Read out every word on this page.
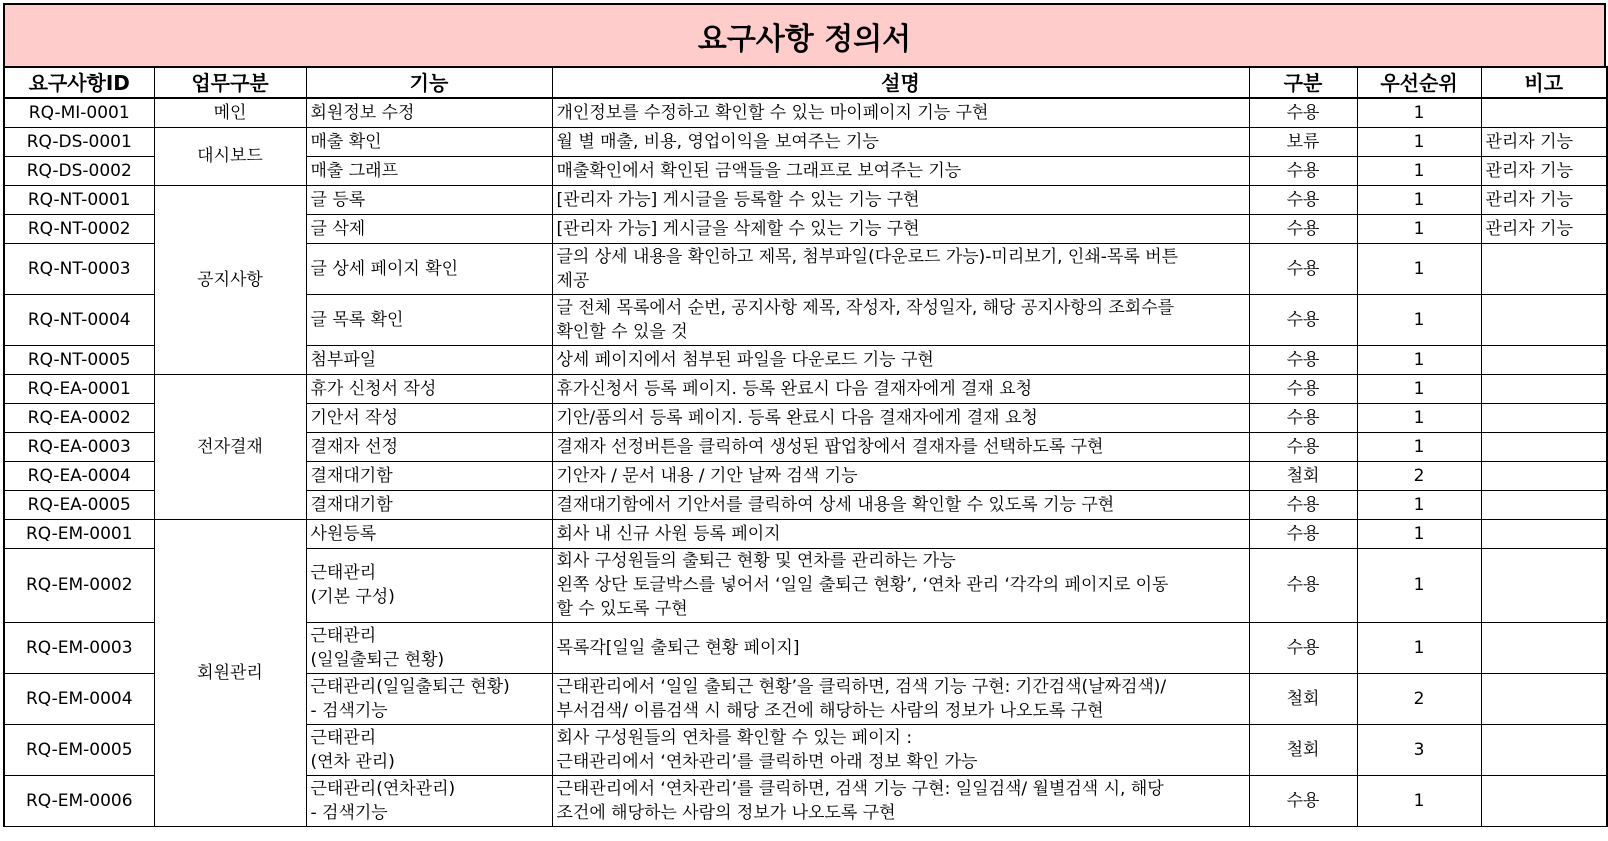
요구사항 정의서
요구사항ID	업무구분	기능	설명	구분	우선순위	비고
RQ-MI-0001	메인	회원정보 수정	개인정보를 수정하고 확인할 수 있는 마이페이지 기능 구현	수용	1	
RQ-DS-0001	대시보드	매출 확인	월 별 매출, 비용, 영업이익을 보여주는 기능	보류	1	관리자 기능
RQ-DS-0002		매출 그래프	매출확인에서 확인된 금액들을 그래프로 보여주는 기능	수용	1	관리자 기능
RQ-NT-0001	공지사항	글 등록	[관리자 가능] 게시글을 등록할 수 있는 기능 구현	수용	1	관리자 기능
RQ-NT-0002		글 삭제	[관리자 가능] 게시글을 삭제할 수 있는 기능 구현	수용	1	관리자 기능
RQ-NT-0003		글 상세 페이지 확인	글의 상세 내용을 확인하고 제목, 첨부파일(다운로드 가능)-미리보기, 인쇄-목록 버튼
제공	수용	1	
RQ-NT-0004		글 목록 확인	글 전체 목록에서 순번, 공지사항 제목, 작성자, 작성일자, 해당 공지사항의 조회수를
확인할 수 있을 것	수용	1	
RQ-NT-0005		첨부파일	상세 페이지에서 첨부된 파일을 다운로드 기능 구현	수용	1	
RQ-EA-0001	전자결재	휴가 신청서 작성	휴가신청서 등록 페이지. 등록 완료시 다음 결재자에게 결재 요청	수용	1	
RQ-EA-0002		기안서 작성	기안/품의서 등록 페이지. 등록 완료시 다음 결재자에게 결재 요청	수용	1	
RQ-EA-0003		결재자 선정	결재자 선정버튼을 클릭하여 생성된 팝업창에서 결재자를 선택하도록 구현	수용	1	
RQ-EA-0004		결재대기함	기안자 / 문서 내용 / 기안 날짜 검색 기능	철회	2	
RQ-EA-0005		결재대기함	결재대기함에서 기안서를 클릭하여 상세 내용을 확인할 수 있도록 기능 구현	수용	1	
RQ-EM-0001	회원관리	사원등록	회사 내 신규 사원 등록 페이지	수용	1	
RQ-EM-0002		근태관리
(기본 구성)	회사 구성원들의 출퇴근 현황 및 연차를 관리하는 가능
왼쪽 상단 토글박스를 넣어서 ‘일일 출퇴근 현황’, ‘연차 관리 ‘각각의 페이지로 이동
할 수 있도록 구현	수용	1	
RQ-EM-0003		근태관리
(일일출퇴근 현황)	목록각[일일 출퇴근 현황 페이지]	수용	1	
RQ-EM-0004		근태관리(일일출퇴근 현황)
- 검색기능	근태관리에서 ‘일일 출퇴근 현황’을 클릭하면, 검색 기능 구현: 기간검색(날짜검색)/
부서검색/ 이름검색 시 해당 조건에 해당하는 사람의 정보가 나오도록 구현	철회	2	
RQ-EM-0005		근태관리
(연차 관리)	회사 구성원들의 연차를 확인할 수 있는 페이지 :
근태관리에서 ‘연차관리’를 클릭하면 아래 정보 확인 가능	철회	3	
RQ-EM-0006		근태관리(연차관리)
- 검색기능	근태관리에서 ‘연차관리’를 클릭하면, 검색 기능 구현: 일일검색/ 월별검색 시, 해당
조건에 해당하는 사람의 정보가 나오도록 구현	수용	1	
